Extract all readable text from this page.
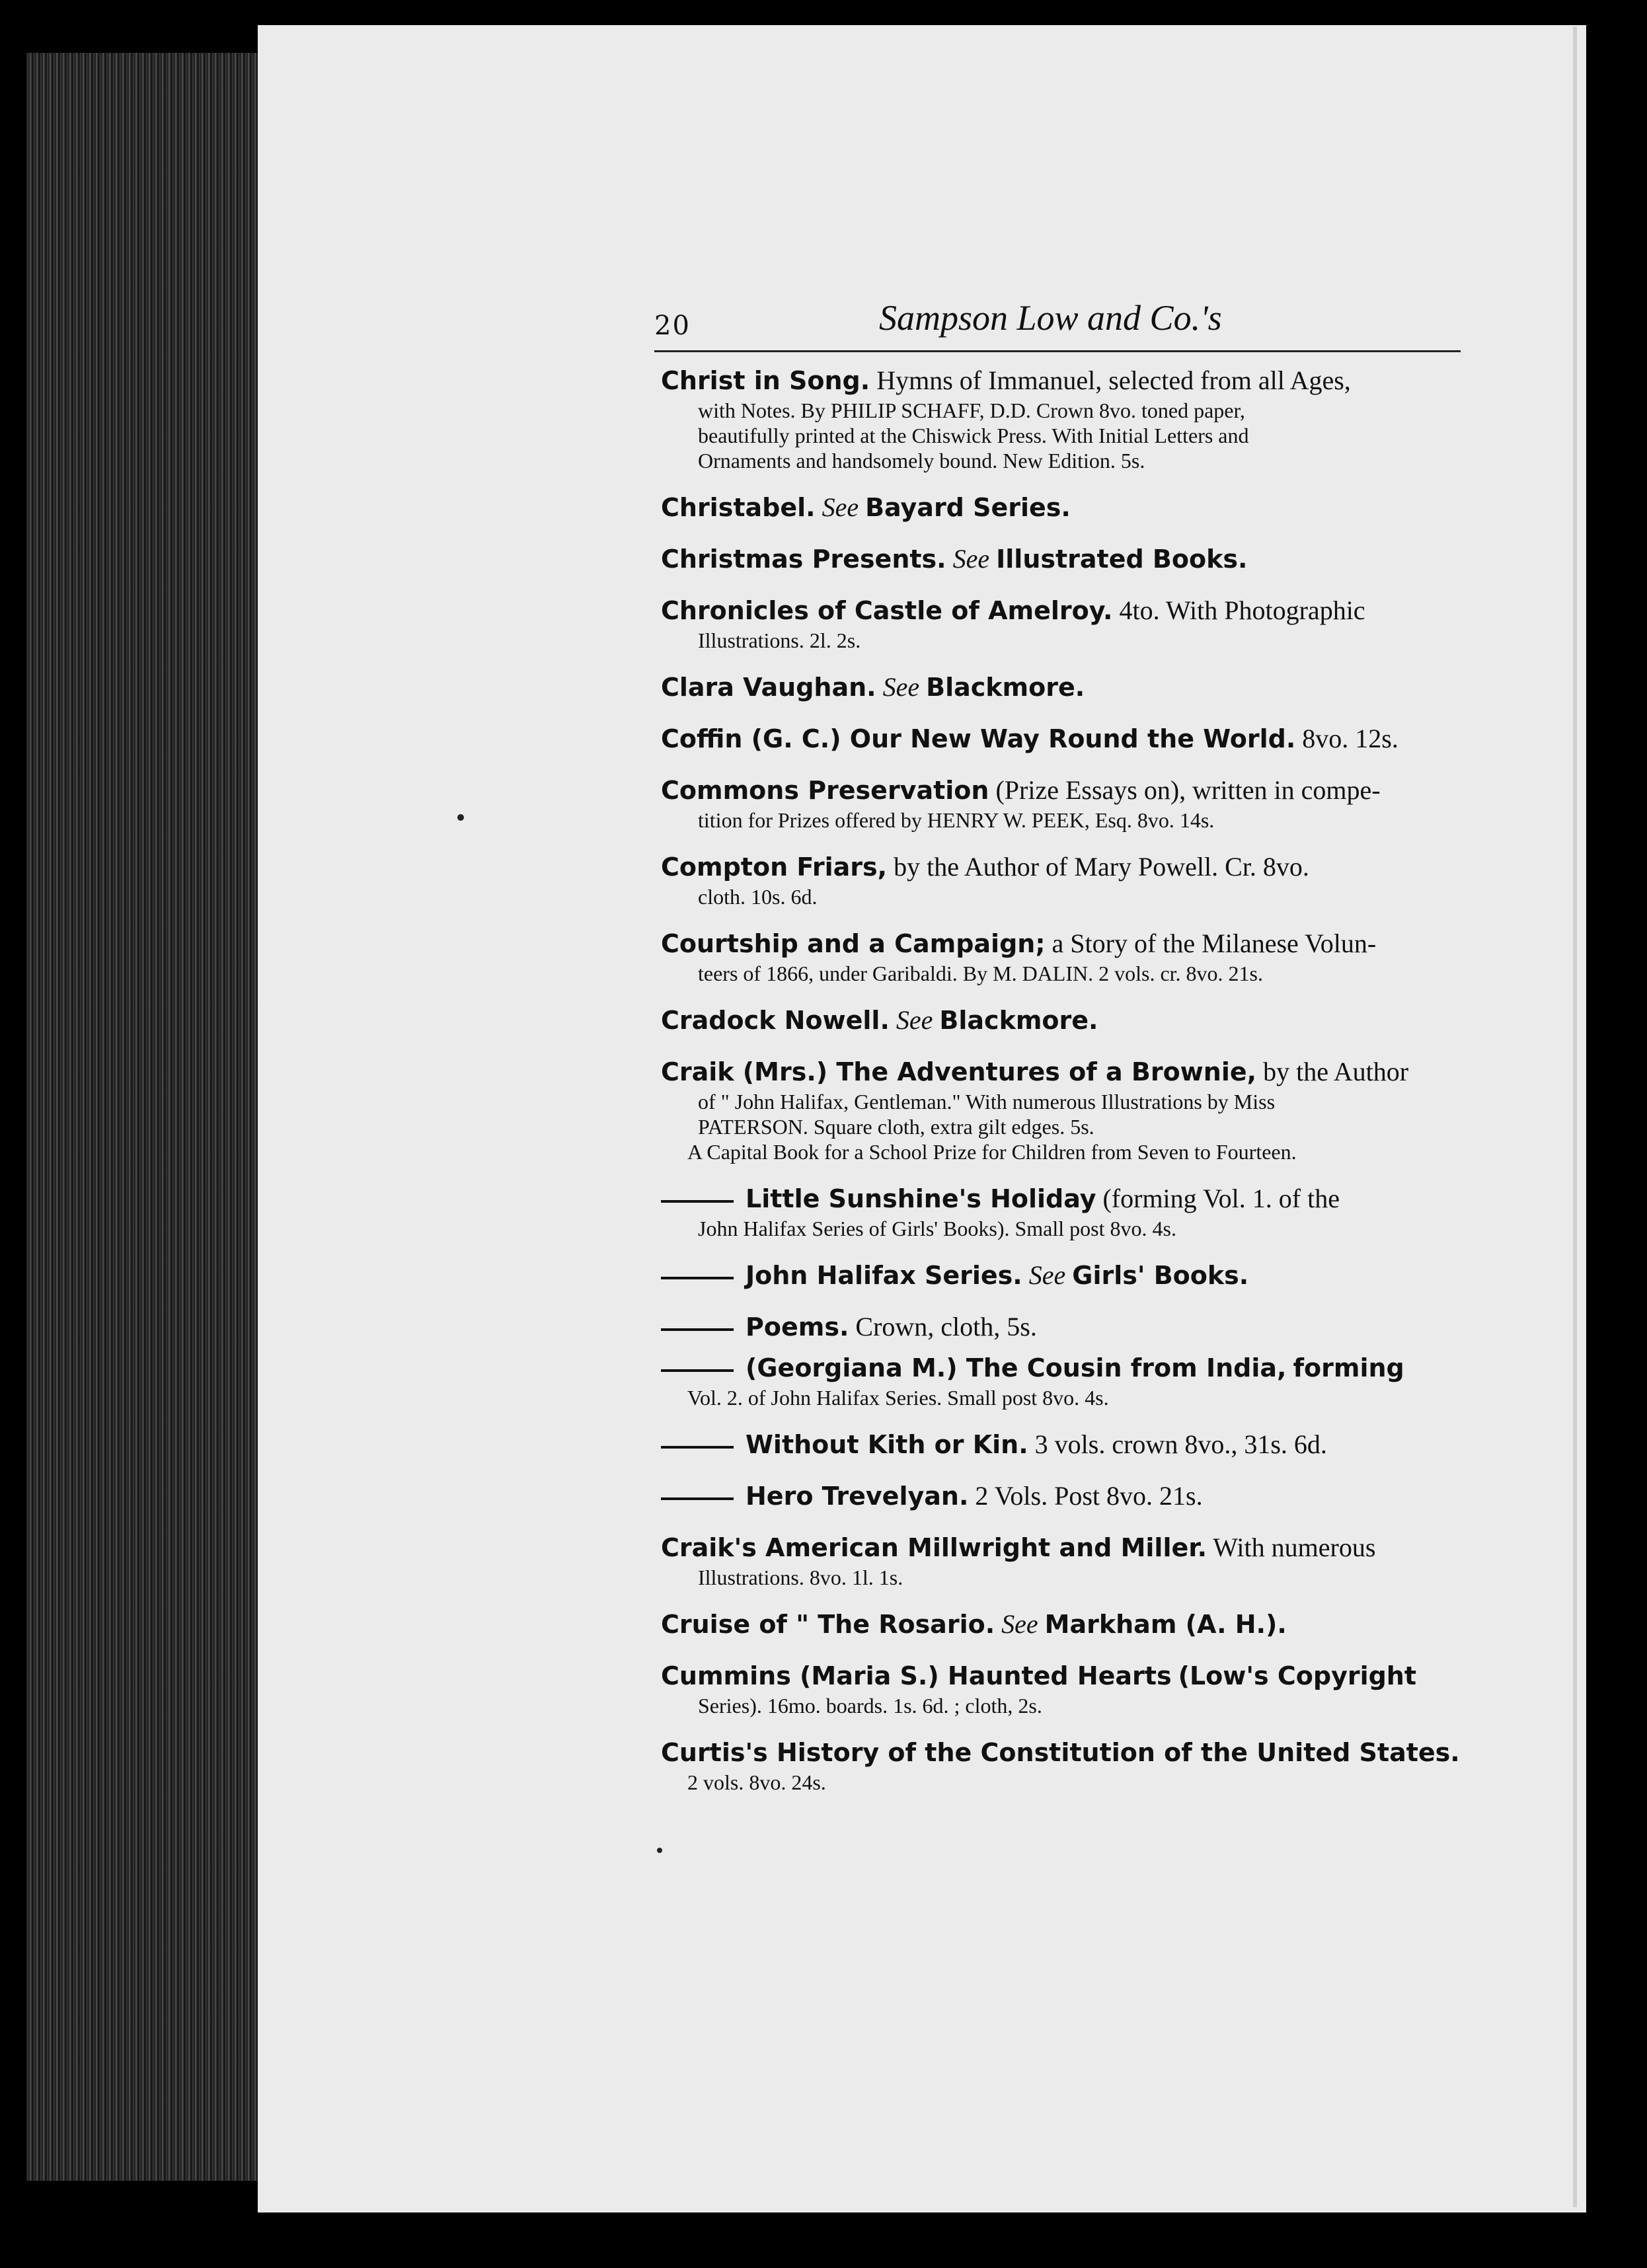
20	Sampson Low and Co.'s
Christ in Song. Hymns of Immanuel, selected from all Ages,
with Notes. By PHILIP SCHAFF, D.D. Crown 8vo. toned paper,
beautifully printed at the Chiswick Press. With Initial Letters and
Ornaments and handsomely bound. New Edition. 5s.
Christabel. See Bayard Series.
Christmas Presents. See Illustrated Books.
Chronicles of Castle of Amelroy. 4to. With Photographic
Illustrations. 2l. 2s.
Clara Vaughan. See Blackmore.
Coffin (G. C.) Our New Way Round the World. 8vo. 12s.
Commons Preservation (Prize Essays on), written in compe-
tition for Prizes offered by HENRY W. PEEK, Esq. 8vo. 14s.
Compton Friars, by the Author of Mary Powell. Cr. 8vo.
cloth. 10s. 6d.
Courtship and a Campaign; a Story of the Milanese Volun-
teers of 1866, under Garibaldi. By M. DALIN. 2 vols. cr. 8vo. 21s.
Cradock Nowell. See Blackmore.
Craik (Mrs.) The Adventures of a Brownie, by the Author
of " John Halifax, Gentleman." With numerous Illustrations by Miss
PATERSON. Square cloth, extra gilt edges. 5s.
A Capital Book for a School Prize for Children from Seven to Fourteen.
Little Sunshine's Holiday (forming Vol. 1. of the
John Halifax Series of Girls' Books). Small post 8vo. 4s.
John Halifax Series. See Girls' Books.
Poems. Crown, cloth, 5s.
(Georgiana M.) The Cousin from India, forming
Vol. 2. of John Halifax Series. Small post 8vo. 4s.
Without Kith or Kin. 3 vols. crown 8vo., 31s. 6d.
Hero Trevelyan. 2 Vols. Post 8vo. 21s.
Craik's American Millwright and Miller. With numerous
Illustrations. 8vo. 1l. 1s.
Cruise of " The Rosario. See Markham (A. H.).
Cummins (Maria S.) Haunted Hearts (Low's Copyright
Series). 16mo. boards. 1s. 6d. ; cloth, 2s.
Curtis's History of the Constitution of the United States.
2 vols. 8vo. 24s.
